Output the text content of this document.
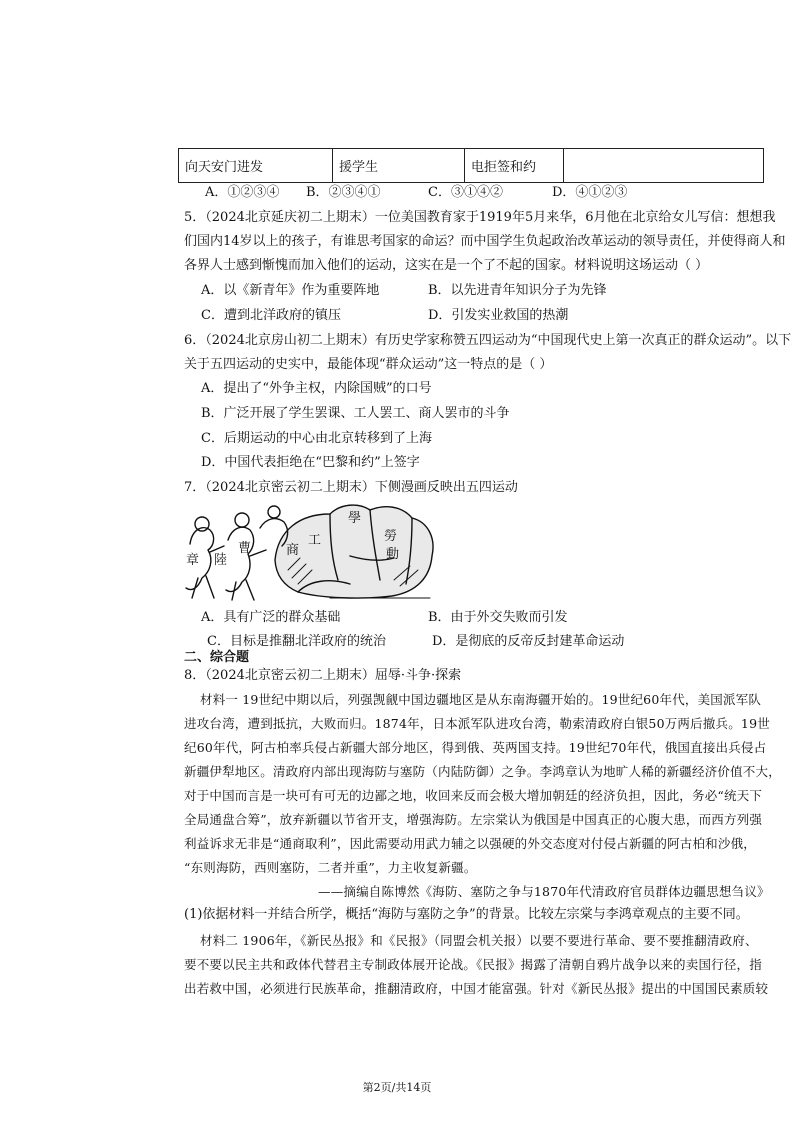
向天安门进发	援学生	电拒签和约	
A．①②③④ B．②③④①	C．③①④②	D．④①②③
5．（2024北京延庆初二上期末）一位美国教育家于1919年5月来华，6月他在北京给女儿写信：想想我
们国内14岁以上的孩子，有谁思考国家的命运？而中国学生负起政治改革运动的领导责任，并使得商人和
各界人士感到惭愧而加入他们的运动，这实在是一个了不起的国家。材料说明这场运动（ ）
A．以《新青年》作为重要阵地	B．以先进青年知识分子为先锋
C．遭到北洋政府的镇压	D．引发实业救国的热潮
6．（2024北京房山初二上期末）有历史学家称赞五四运动为“中国现代史上第一次真正的群众运动”。以下
关于五四运动的史实中，最能体现“群众运动”这一特点的是（ ）
A．提出了“外争主权，内除国贼”的口号
B．广泛开展了学生罢课、工人罢工、商人罢市的斗争
C．后期运动的中心由北京转移到了上海
D．中国代表拒绝在“巴黎和约”上签字
7．（2024北京密云初二上期末）下侧漫画反映出五四运动
章 陸
曹	商
學
工	勞
動
A．具有广泛的群众基础	B．由于外交失败而引发
C．目标是推翻北洋政府的统治	D．是彻底的反帝反封建革命运动
二、综合题
8．（2024北京密云初二上期末）屈辱·斗争·探索
材料一 19世纪中期以后，列强觊觎中国边疆地区是从东南海疆开始的。19世纪60年代，美国派军队
进攻台湾，遭到抵抗，大败而归。1874年，日本派军队进攻台湾，勒索清政府白银50万两后撤兵。19世
纪60年代，阿古柏率兵侵占新疆大部分地区，得到俄、英两国支持。19世纪70年代，俄国直接出兵侵占
新疆伊犁地区。清政府内部出现海防与塞防（内陆防御）之争。李鸿章认为地旷人稀的新疆经济价值不大，
对于中国而言是一块可有可无的边鄙之地，收回来反而会极大增加朝廷的经济负担，因此，务必“统天下
全局通盘合筹”，放弃新疆以节省开支，增强海防。左宗棠认为俄国是中国真正的心腹大患，而西方列强
利益诉求无非是“通商取利”，因此需要动用武力辅之以强硬的外交态度对付侵占新疆的阿古柏和沙俄，
“东则海防，西则塞防，二者并重”，力主收复新疆。
——摘编自陈博然《海防、塞防之争与1870年代清政府官员群体边疆思想刍议》
(1)依据材料一并结合所学，概括“海防与塞防之争”的背景。比较左宗棠与李鸿章观点的主要不同。
材料二 1906年，《新民丛报》和《民报》（同盟会机关报）以要不要进行革命、要不要推翻清政府、
要不要以民主共和政体代替君主专制政体展开论战。《民报》揭露了清朝自鸦片战争以来的卖国行径，指
出若救中国，必须进行民族革命，推翻清政府，中国才能富强。针对《新民丛报》提出的中国国民素质较
第2页/共14页
